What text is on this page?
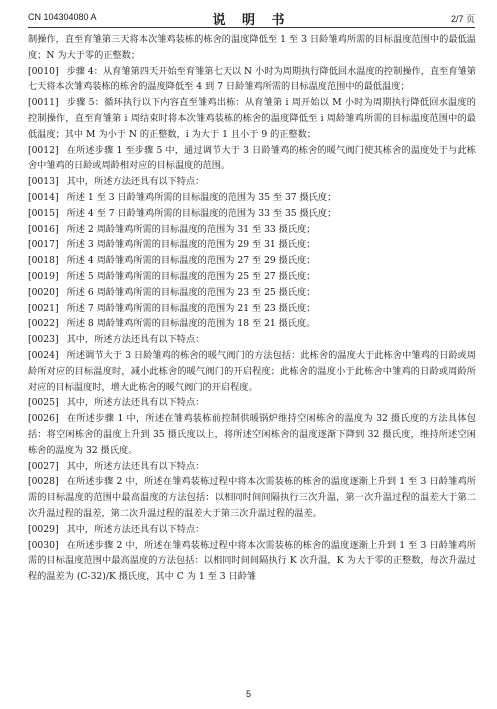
CN 104304080 A	说 明 书	2/7 页

制操作，直至育雏第三天将本次雏鸡装栋的栋舍的温度降低至 1 至 3 日龄雏鸡所需的目标温度范围中的最低温度；N 为大于零的正整数；

[0010] 步骤 4：从育雏第四天开始至育雏第七天以 N 小时为周期执行降低回水温度的控制操作，直至育雏第七天将本次雏鸡装栋的栋舍的温度降低至 4 到 7 日龄雏鸡所需的目标温度范围中的最低温度；

[0011] 步骤 5：循环执行以下内容直至雏鸡出栋：从育雏第 i 周开始以 M 小时为周期执行降低回水温度的控制操作，直至育雏第 i 周结束时将本次雏鸡装栋的栋舍的温度降低至 i 周龄雏鸡所需的目标温度范围中的最低温度；其中 M 为小于 N 的正整数，i 为大于 1 且小于 9 的正整数；

[0012] 在所述步骤 1 至步骤 5 中，通过调节大于 3 日龄雏鸡的栋舍的暖气阀门使其栋舍的温度处于与此栋舍中雏鸡的日龄或周龄相对应的目标温度的范围。

[0013] 其中，所述方法还具有以下特点：

[0014] 所述 1 至 3 日龄雏鸡所需的目标温度的范围为 35 至 37 摄氏度；

[0015] 所述 4 至 7 日龄雏鸡所需的目标温度的范围为 33 至 35 摄氏度；

[0016] 所述 2 周龄雏鸡所需的目标温度的范围为 31 至 33 摄氏度；

[0017] 所述 3 周龄雏鸡所需的目标温度的范围为 29 至 31 摄氏度；

[0018] 所述 4 周龄雏鸡所需的目标温度的范围为 27 至 29 摄氏度；

[0019] 所述 5 周龄雏鸡所需的目标温度的范围为 25 至 27 摄氏度；

[0020] 所述 6 周龄雏鸡所需的目标温度的范围为 23 至 25 摄氏度；

[0021] 所述 7 周龄雏鸡所需的目标温度的范围为 21 至 23 摄氏度；

[0022] 所述 8 周龄雏鸡所需的目标温度的范围为 18 至 21 摄氏度。

[0023] 其中，所述方法还具有以下特点：

[0024] 所述调节大于 3 日龄雏鸡的栋舍的暖气阀门的方法包括：此栋舍的温度大于此栋舍中雏鸡的日龄或周龄所对应的目标温度时，减小此栋舍的暖气阀门的开启程度；此栋舍的温度小于此栋舍中雏鸡的日龄或周龄所对应的目标温度时，增大此栋舍的暖气阀门的开启程度。

[0025] 其中，所述方法还具有以下特点：

[0026] 在所述步骤 1 中，所述在雏鸡装栋前控制供暖锅炉维持空闲栋舍的温度为 32 摄氏度的方法具体包括：将空闲栋舍的温度上升到 35 摄氏度以上，将所述空闲栋舍的温度逐渐下降到 32 摄氏度，维持所述空闲栋舍的温度为 32 摄氏度。

[0027] 其中，所述方法还具有以下特点：

[0028] 在所述步骤 2 中，所述在雏鸡装栋过程中将本次需装栋的栋舍的温度逐渐上升到 1 至 3 日龄雏鸡所需的目标温度的范围中最高温度的方法包括：以相同时间间隔执行三次升温，第一次升温过程的温差大于第二次升温过程的温差，第二次升温过程的温差大于第三次升温过程的温差。

[0029] 其中，所述方法还具有以下特点：

[0030] 在所述步骤 2 中，所述在雏鸡装栋过程中将本次需装栋的栋舍的温度逐渐上升到 1 至 3 日龄雏鸡所需的目标温度范围中最高温度的方法包括：以相同时间间隔执行 K 次升温，K 为大于零的正整数，每次升温过程的温差为 (C-32)/K 摄氏度，其中 C 为 1 至 3 日龄雏

5
